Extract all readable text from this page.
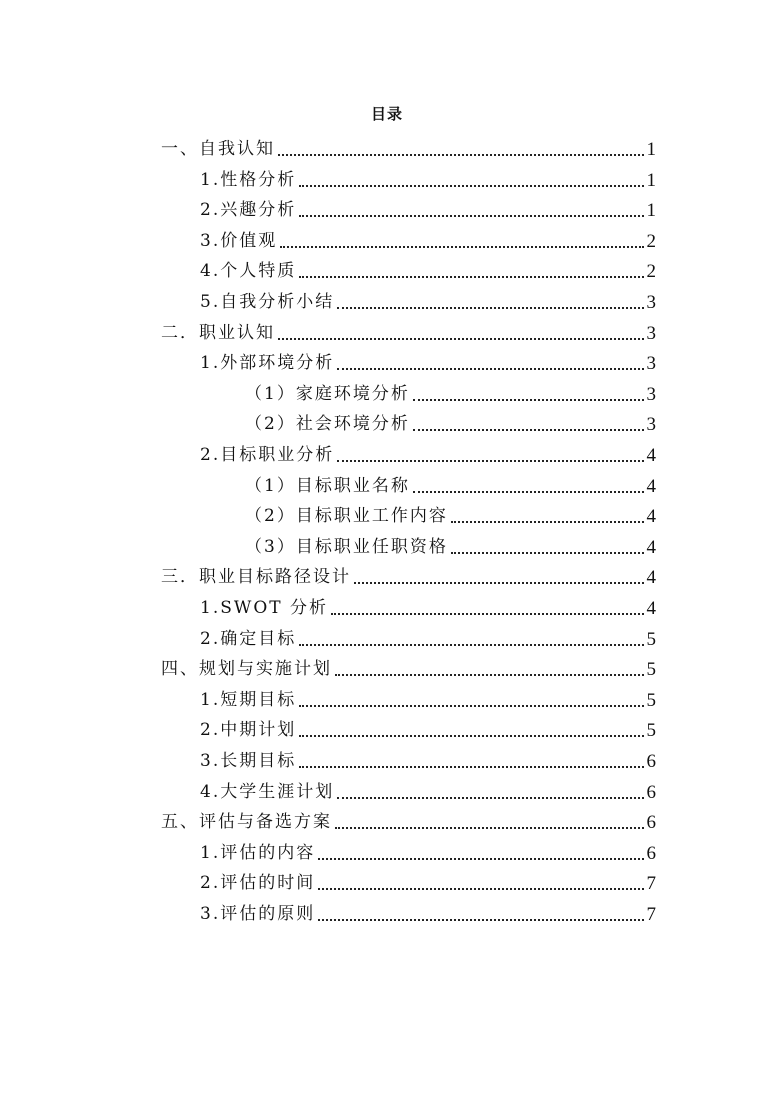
目录
一、自我认知	1
1.性格分析	1
2.兴趣分析	1
3.价值观	2
4.个人特质	2
5.自我分析小结	3
二．职业认知	3
1.外部环境分析	3
（1）家庭环境分析	3
（2）社会环境分析	3
2.目标职业分析	4
（1）目标职业名称	4
（2）目标职业工作内容	4
（3）目标职业任职资格	4
三．职业目标路径设计	4
1.SWOT 分析	4
2.确定目标	5
四、规划与实施计划	5
1.短期目标	5
2.中期计划	5
3.长期目标	6
4.大学生涯计划	6
五、评估与备选方案	6
1.评估的内容	6
2.评估的时间	7
3.评估的原则	7
